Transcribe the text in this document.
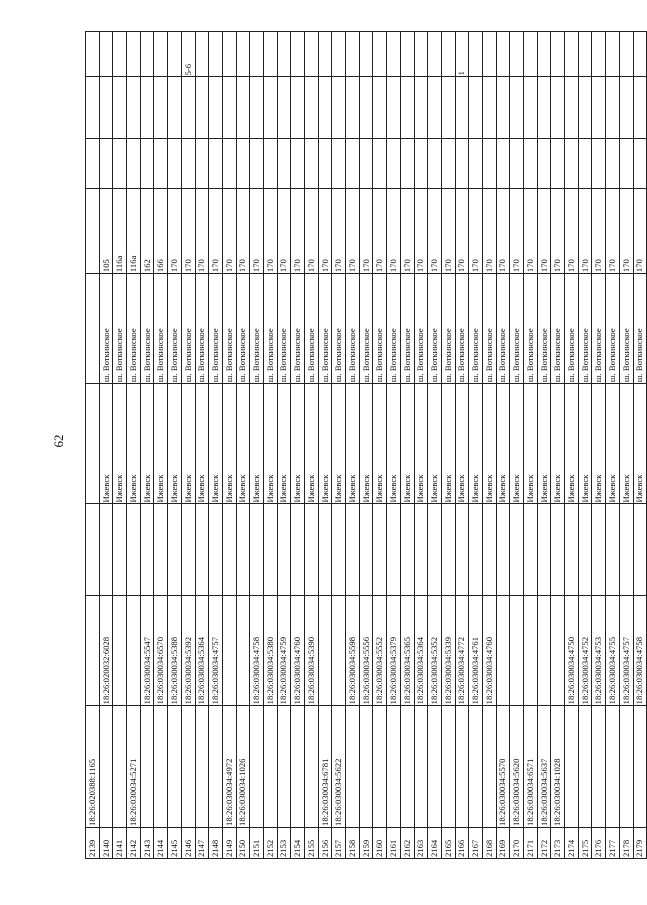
62
2139	18:26:020388:1165								
2140		18:26:020032:6028		Ижевск	ш. Воткинское	105			
2141				Ижевск	ш. Воткинское	116а			
2142	18:26:030034:5271			Ижевск	ш. Воткинское	116а			
2143		18:26:030034:5547		Ижевск	ш. Воткинское	162			
2144		18:26:030034:6570		Ижевск	ш. Воткинское	166			
2145		18:26:030034:5388		Ижевск	ш. Воткинское	170			
2146		18:26:030034:5392		Ижевск	ш. Воткинское	170			5-6
2147		18:26:030034:5364		Ижевск	ш. Воткинское	170			
2148		18:26:030034:4757		Ижевск	ш. Воткинское	170			
2149	18:26:030034:4972			Ижевск	ш. Воткинское	170			
2150	18:26:030034:1026			Ижевск	ш. Воткинское	170			
2151		18:26:030034:4758		Ижевск	ш. Воткинское	170			
2152		18:26:030034:5380		Ижевск	ш. Воткинское	170			
2153		18:26:030034:4759		Ижевск	ш. Воткинское	170			
2154		18:26:030034:4760		Ижевск	ш. Воткинское	170			
2155		18:26:030034:5390		Ижевск	ш. Воткинское	170			
2156	18:26:030034:6781			Ижевск	ш. Воткинское	170			
2157	18:26:030034:5622			Ижевск	ш. Воткинское	170			
2158		18:26:030034:5598		Ижевск	ш. Воткинское	170			
2159		18:26:030034:5556		Ижевск	ш. Воткинское	170			
2160		18:26:030034:5552		Ижевск	ш. Воткинское	170			
2161		18:26:030034:5379		Ижевск	ш. Воткинское	170			
2162		18:26:030034:5365		Ижевск	ш. Воткинское	170			
2163		18:26:030034:5364		Ижевск	ш. Воткинское	170			
2164		18:26:030034:5352		Ижевск	ш. Воткинское	170			
2165		18:26:030034:5339		Ижевск	ш. Воткинское	170			
2166		18:26:030034:4772		Ижевск	ш. Воткинское	170			1
2167		18:26:030034:4761		Ижевск	ш. Воткинское	170			
2168		18:26:030034:4760		Ижевск	ш. Воткинское	170			
2169	18:26:030034:5570			Ижевск	ш. Воткинское	170			
2170	18:26:030034:5620			Ижевск	ш. Воткинское	170			
2171	18:26:030034:6571			Ижевск	ш. Воткинское	170			
2172	18:26:030034:5637			Ижевск	ш. Воткинское	170			
2173	18:26:030034:1028			Ижевск	ш. Воткинское	170			
2174		18:26:030034:4750		Ижевск	ш. Воткинское	170			
2175		18:26:030034:4752		Ижевск	ш. Воткинское	170			
2176		18:26:030034:4753		Ижевск	ш. Воткинское	170			
2177		18:26:030034:4755		Ижевск	ш. Воткинское	170			
2178		18:26:030034:4757		Ижевск	ш. Воткинское	170			
2179		18:26:030034:4758		Ижевск	ш. Воткинское	170			
